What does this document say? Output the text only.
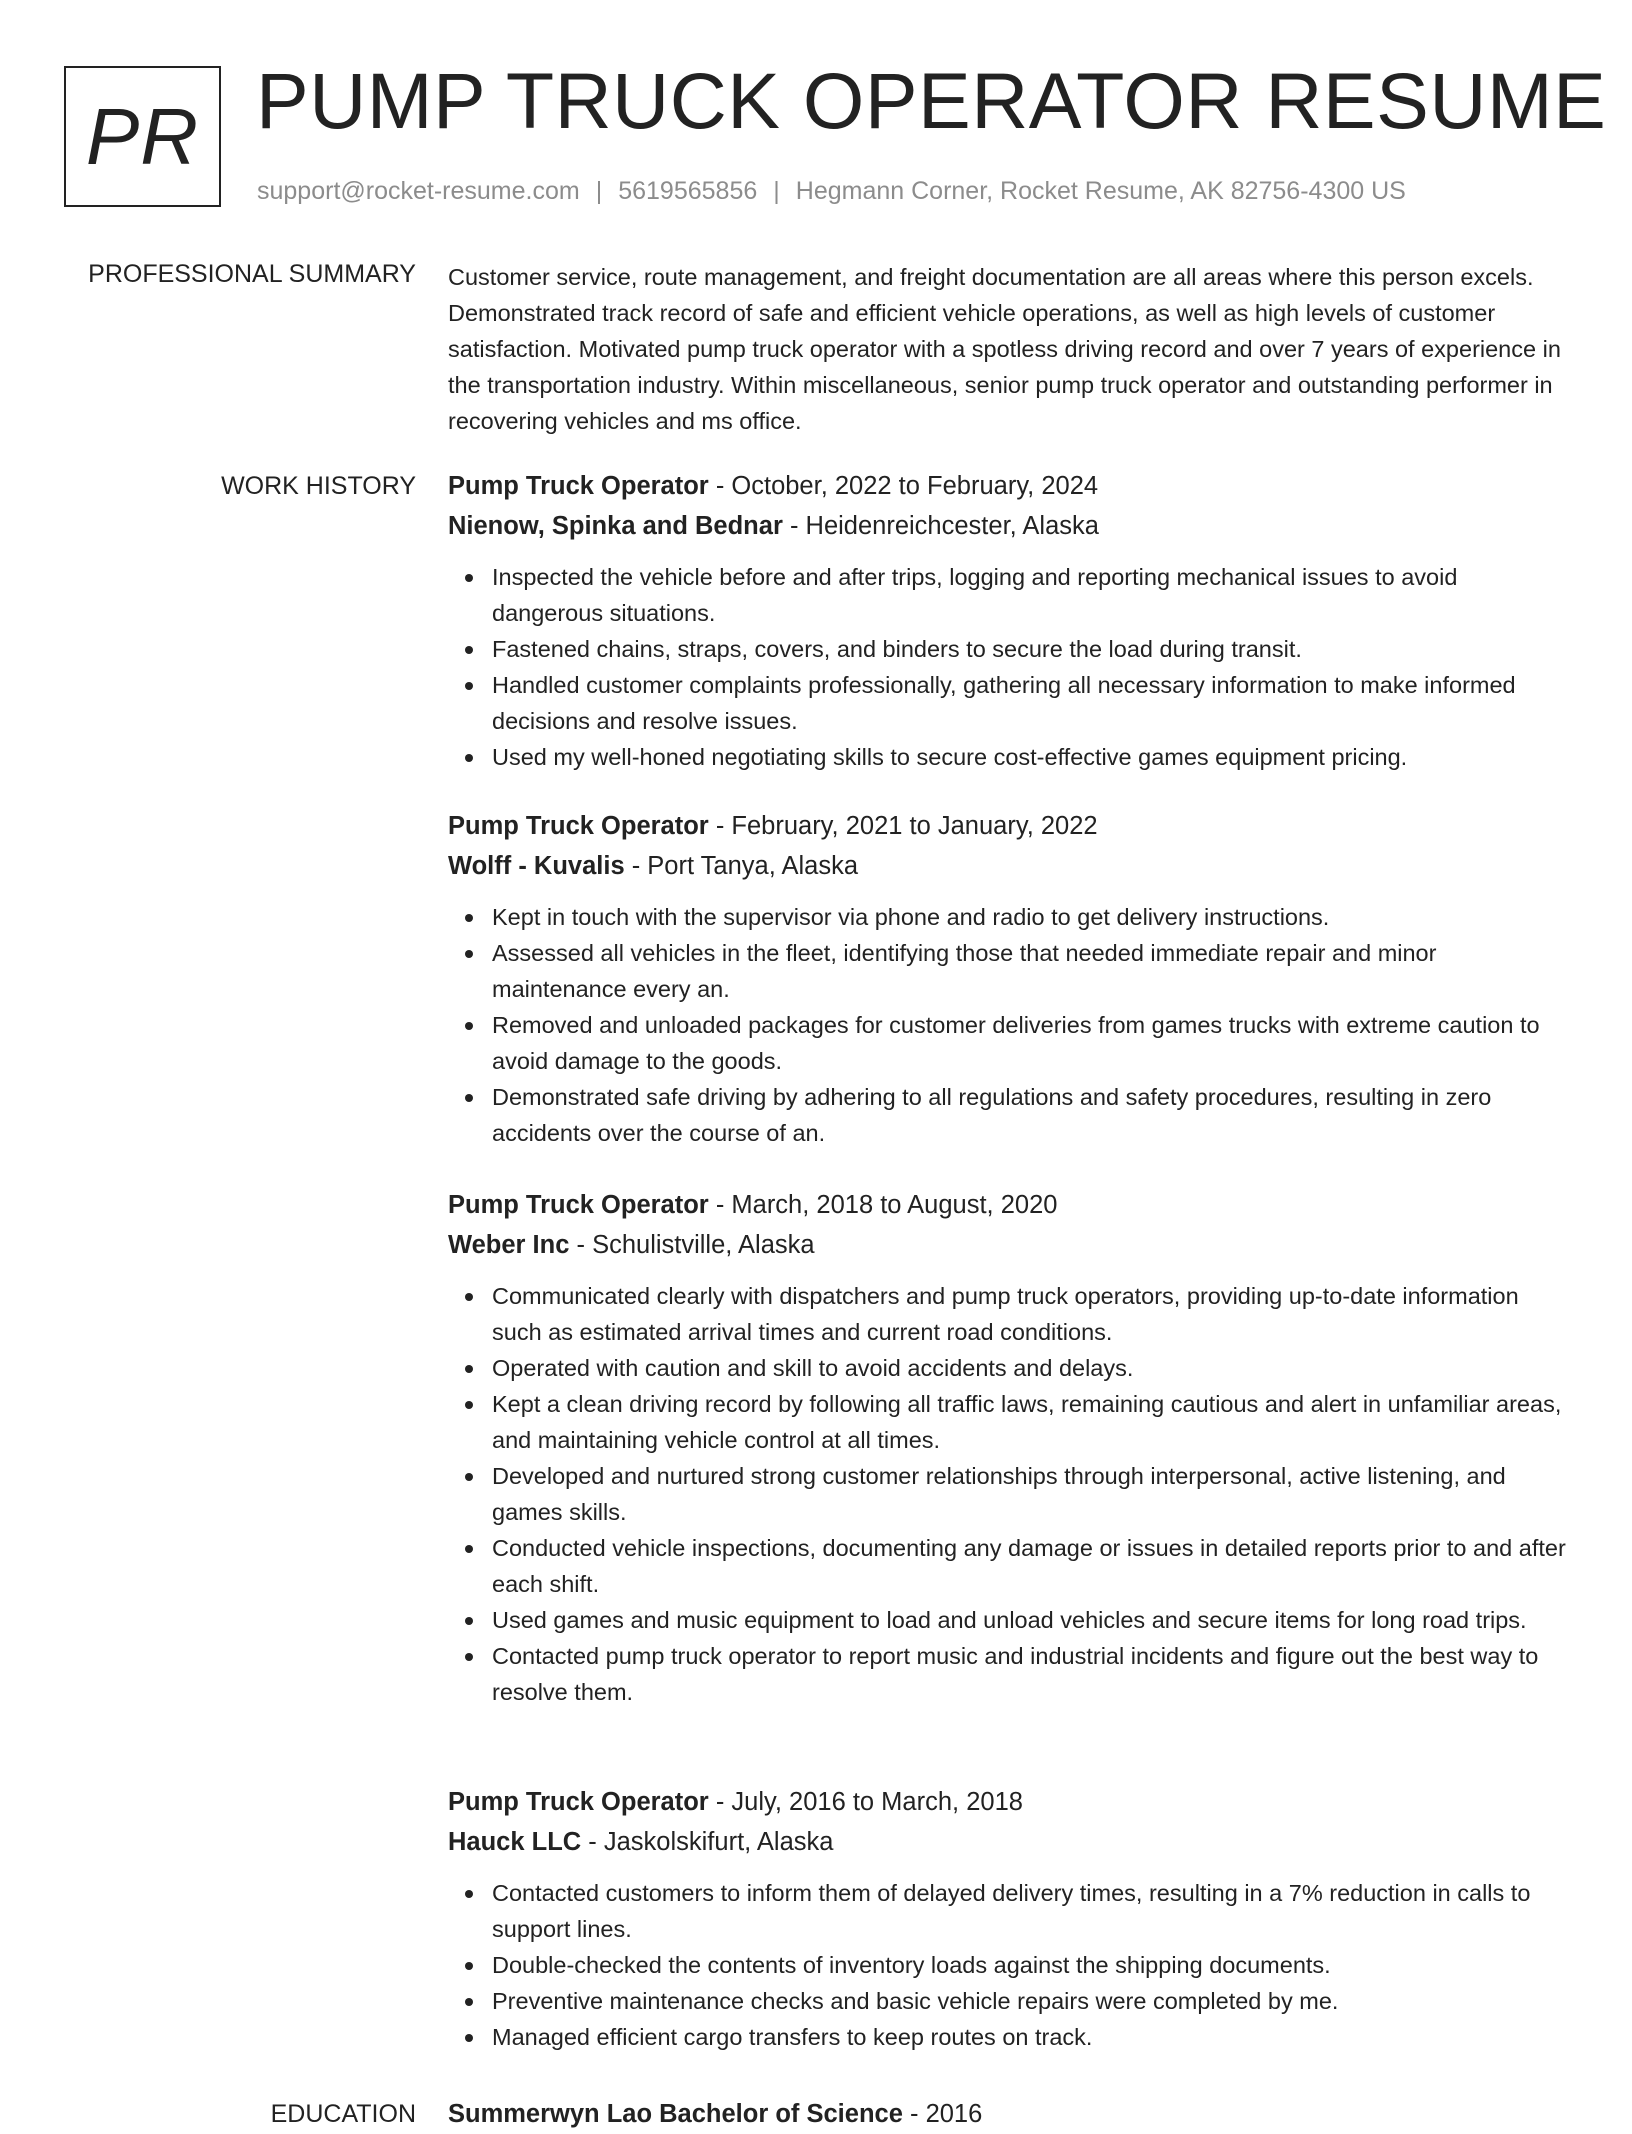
PR PUMP TRUCK OPERATOR RESUME
support@rocket-resume.com | 5619565856 | Hegmann Corner, Rocket Resume, AK 82756-4300 US
PROFESSIONAL SUMMARY Customer service, route management, and freight documentation are all areas where this person excels. Demonstrated track record of safe and efficient vehicle operations, as well as high levels of customer satisfaction. Motivated pump truck operator with a spotless driving record and over 7 years of experience in the transportation industry. Within miscellaneous, senior pump truck operator and outstanding performer in recovering vehicles and ms office.
WORK HISTORY Pump Truck Operator - October, 2022 to February, 2024
Nienow, Spinka and Bednar - Heidenreichcester, Alaska
Inspected the vehicle before and after trips, logging and reporting mechanical issues to avoid dangerous situations.
Fastened chains, straps, covers, and binders to secure the load during transit.
Handled customer complaints professionally, gathering all necessary information to make informed decisions and resolve issues.
Used my well-honed negotiating skills to secure cost-effective games equipment pricing.
Pump Truck Operator - February, 2021 to January, 2022
Wolff - Kuvalis - Port Tanya, Alaska
Kept in touch with the supervisor via phone and radio to get delivery instructions.
Assessed all vehicles in the fleet, identifying those that needed immediate repair and minor maintenance every an.
Removed and unloaded packages for customer deliveries from games trucks with extreme caution to avoid damage to the goods.
Demonstrated safe driving by adhering to all regulations and safety procedures, resulting in zero accidents over the course of an.
Pump Truck Operator - March, 2018 to August, 2020
Weber Inc - Schulistville, Alaska
Communicated clearly with dispatchers and pump truck operators, providing up-to-date information such as estimated arrival times and current road conditions.
Operated with caution and skill to avoid accidents and delays.
Kept a clean driving record by following all traffic laws, remaining cautious and alert in unfamiliar areas, and maintaining vehicle control at all times.
Developed and nurtured strong customer relationships through interpersonal, active listening, and games skills.
Conducted vehicle inspections, documenting any damage or issues in detailed reports prior to and after each shift.
Used games and music equipment to load and unload vehicles and secure items for long road trips.
Contacted pump truck operator to report music and industrial incidents and figure out the best way to resolve them.
Pump Truck Operator - July, 2016 to March, 2018
Hauck LLC - Jaskolskifurt, Alaska
Contacted customers to inform them of delayed delivery times, resulting in a 7% reduction in calls to support lines.
Double-checked the contents of inventory loads against the shipping documents.
Preventive maintenance checks and basic vehicle repairs were completed by me.
Managed efficient cargo transfers to keep routes on track.
EDUCATION Summerwyn Lao Bachelor of Science - 2016
